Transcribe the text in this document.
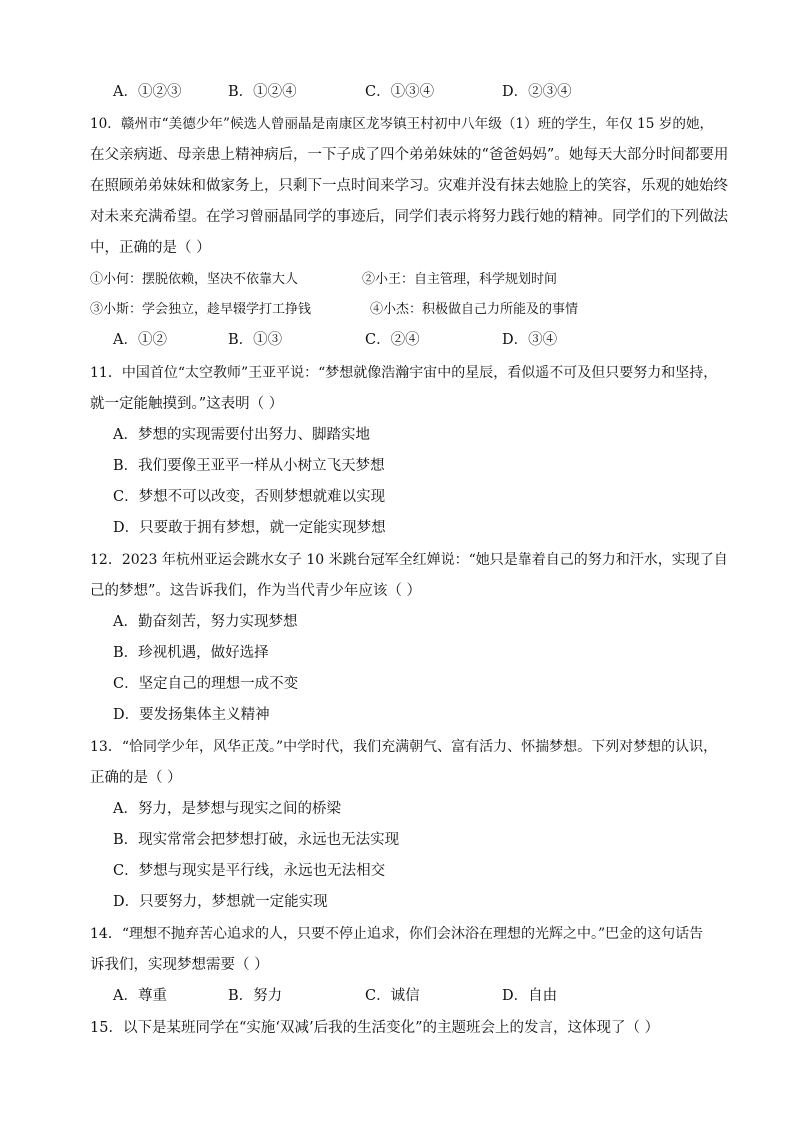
A．①②③	B．①②④	C．①③④	D．②③④
10．赣州市“美德少年”候选人曾丽晶是南康区龙岑镇王村初中八年级（1）班的学生，年仅 15 岁的她，
在父亲病逝、母亲患上精神病后，一下子成了四个弟弟妹妹的“爸爸妈妈”。她每天大部分时间都要用
在照顾弟弟妹妹和做家务上，只剩下一点时间来学习。灾难并没有抹去她脸上的笑容，乐观的她始终
对未来充满希望。在学习曾丽晶同学的事迹后，同学们表示将努力践行她的精神。同学们的下列做法
中，正确的是（ ）
①小何：摆脱依赖，坚决不依靠大人	②小王：自主管理，科学规划时间
③小斯：学会独立，趁早辍学打工挣钱	④小杰：积极做自己力所能及的事情
A．①②	B．①③	C．②④	D．③④
11．中国首位“太空教师”王亚平说：“梦想就像浩瀚宇宙中的星辰，看似遥不可及但只要努力和坚持，
就一定能触摸到。”这表明（ ）
A．梦想的实现需要付出努力、脚踏实地
B．我们要像王亚平一样从小树立飞天梦想
C．梦想不可以改变，否则梦想就难以实现
D．只要敢于拥有梦想，就一定能实现梦想
12．2023 年杭州亚运会跳水女子 10 米跳台冠军全红婵说：“她只是靠着自己的努力和汗水，实现了自
己的梦想”。这告诉我们，作为当代青少年应该（ ）
A．勤奋刻苦，努力实现梦想
B．珍视机遇，做好选择
C．坚定自己的理想一成不变
D．要发扬集体主义精神
13．“恰同学少年，风华正茂。”中学时代，我们充满朝气、富有活力、怀揣梦想。下列对梦想的认识，
正确的是（ ）
A．努力，是梦想与现实之间的桥梁
B．现实常常会把梦想打破，永远也无法实现
C．梦想与现实是平行线，永远也无法相交
D．只要努力，梦想就一定能实现
14．“理想不抛弃苦心追求的人，只要不停止追求，你们会沐浴在理想的光辉之中。”巴金的这句话告
诉我们，实现梦想需要（ ）
A．尊重	B．努力	C．诚信	D．自由
15．以下是某班同学在“实施‘双减’后我的生活变化”的主题班会上的发言，这体现了（ ）
